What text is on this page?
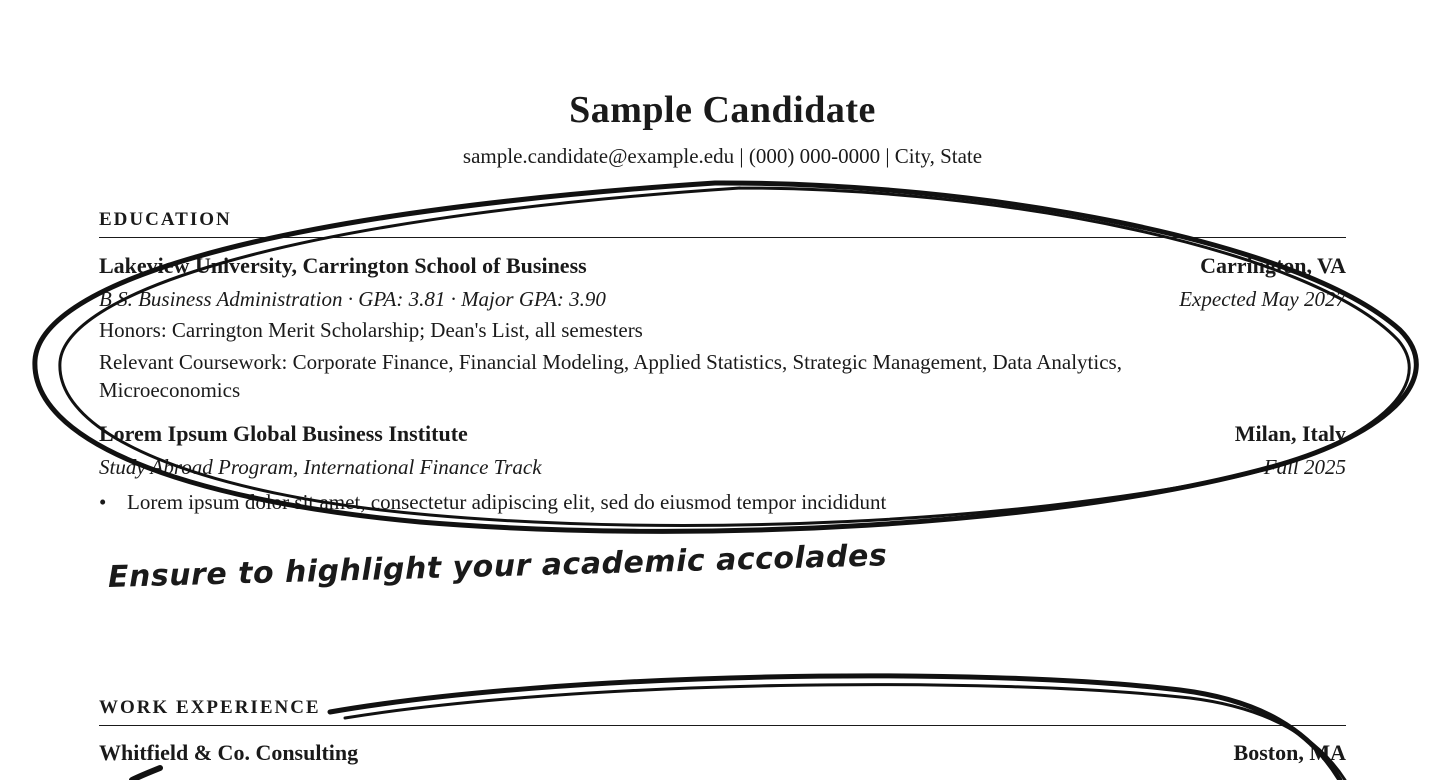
Sample Candidate
sample.candidate@example.edu | (000) 000-0000 | City, State
EDUCATION
Lakeview University, Carrington School of Business	Carrington, VA
B.S. Business Administration · GPA: 3.81 · Major GPA: 3.90	Expected May 2027
Honors: Carrington Merit Scholarship; Dean's List, all semesters
Relevant Coursework: Corporate Finance, Financial Modeling, Applied Statistics, Strategic Management, Data Analytics,
Microeconomics
Lorem Ipsum Global Business Institute	Milan, Italy
Study Abroad Program, International Finance Track	Fall 2025
• Lorem ipsum dolor sit amet, consectetur adipiscing elit, sed do eiusmod tempor incididunt
Ensure to highlight your academic accolades
WORK EXPERIENCE
Whitfield & Co. Consulting	Boston, MA
